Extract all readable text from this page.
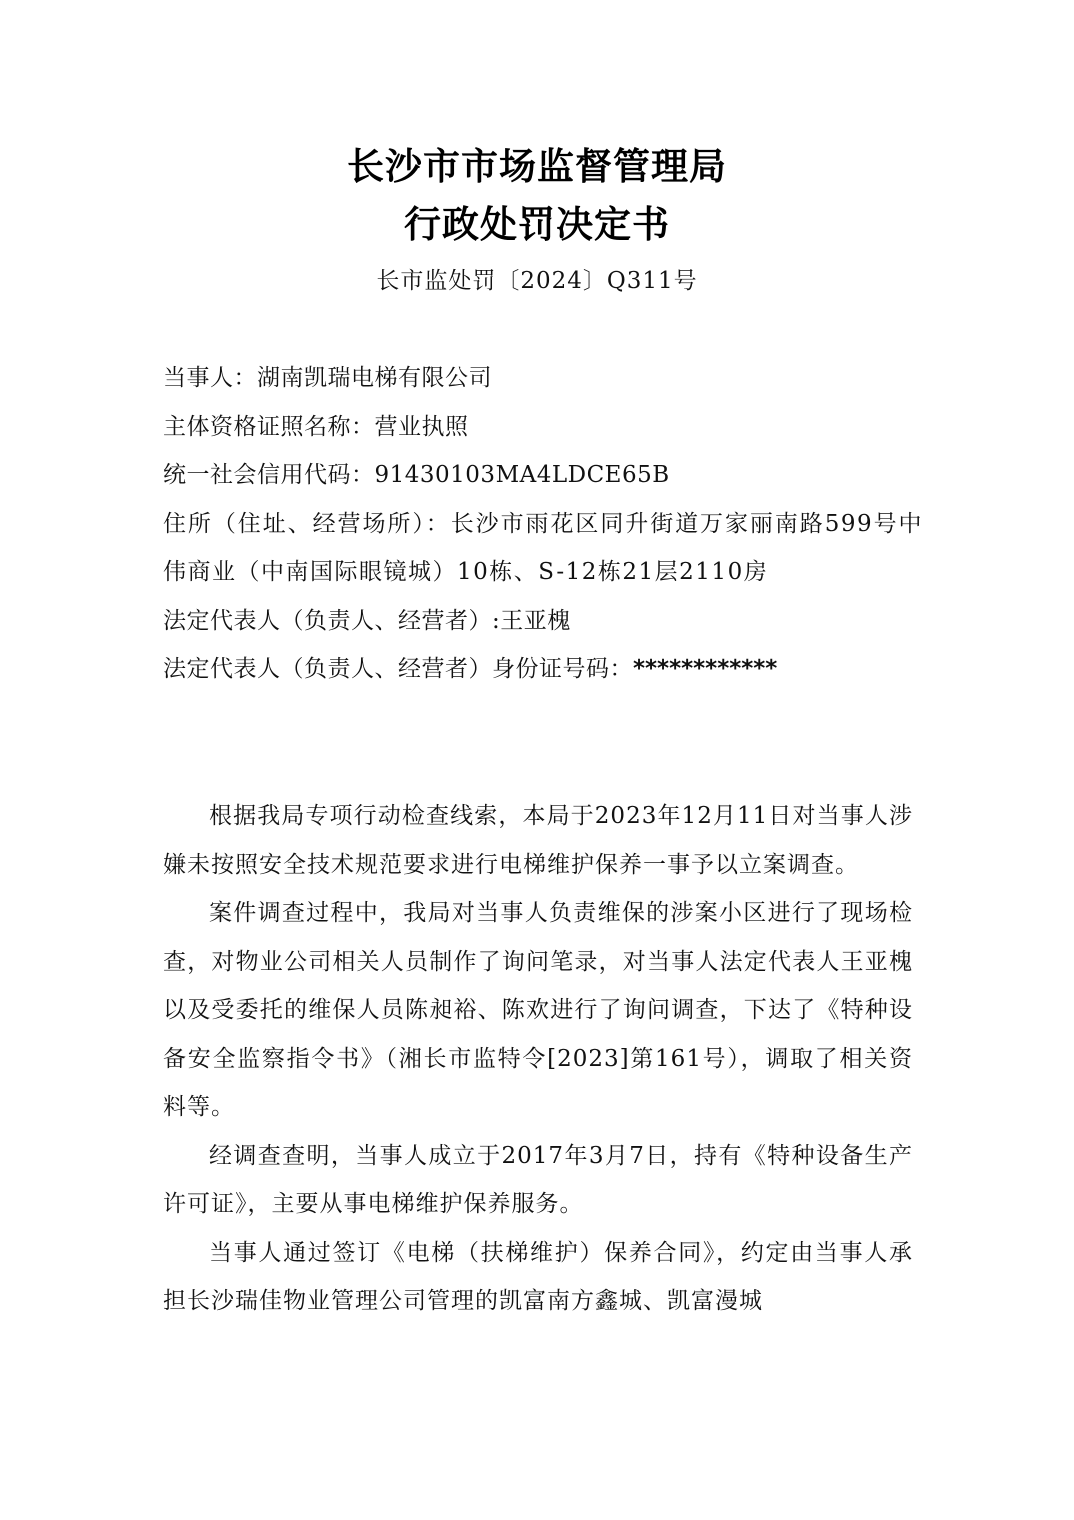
长沙市市场监督管理局
行政处罚决定书
长市监处罚〔2024〕Q311号
当事人：湖南凯瑞电梯有限公司
主体资格证照名称：营业执照
统一社会信用代码：91430103MA4LDCE65B
住所（住址、经营场所）：长沙市雨花区同升街道万家丽南路599号中伟商业（中南国际眼镜城）10栋、S-12栋21层2110房
法定代表人（负责人、经营者）:王亚槐
法定代表人（负责人、经营者）身份证号码：************

根据我局专项行动检查线索，本局于2023年12月11日对当事人涉嫌未按照安全技术规范要求进行电梯维护保养一事予以立案调查。

案件调查过程中，我局对当事人负责维保的涉案小区进行了现场检查，对物业公司相关人员制作了询问笔录，对当事人法定代表人王亚槐以及受委托的维保人员陈昶裕、陈欢进行了询问调查，下达了《特种设备安全监察指令书》（湘长市监特令[2023]第161号），调取了相关资料等。

经调查查明，当事人成立于2017年3月7日，持有《特种设备生产许可证》，主要从事电梯维护保养服务。

当事人通过签订《电梯（扶梯维护）保养合同》，约定由当事人承担长沙瑞佳物业管理公司管理的凯富南方鑫城、凯富漫城
